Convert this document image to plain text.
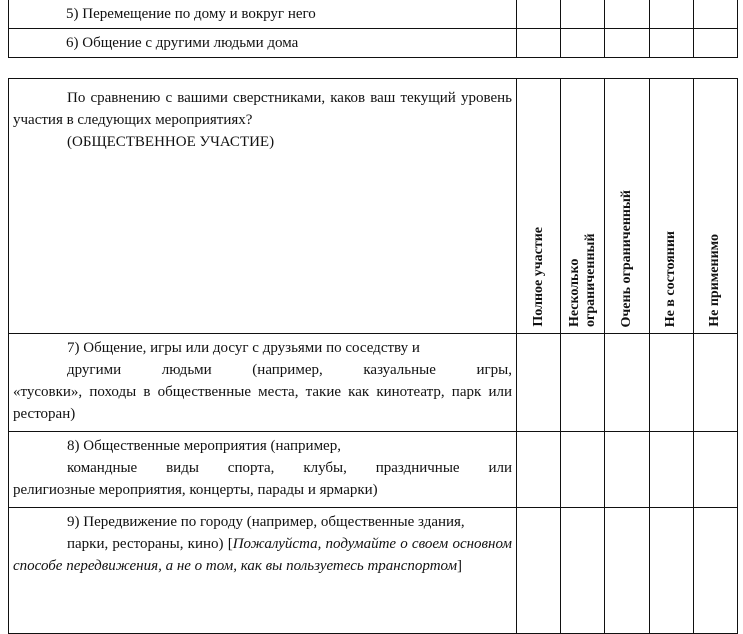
5) Перемещение по дому и вокруг него					
6) Общение с другими людьми дома					
По сравнению с вашими сверстниками, каков ваш текущий уровень участия в следующих мероприятиях?
(ОБЩЕСТВЕННОЕ УЧАСТИЕ)	Полное участие	Несколько ограниченный	Очень ограниченный	Не в состоянии	Не применимо

7) Общение, игры или досуг с друзьями по соседству и
другими людьми (например, казуальные игры,
«тусовки», походы в общественные места, такие как кинотеатр, парк или ресторан)					

8) Общественные мероприятия (например,
командные виды спорта, клубы, праздничные или
религиозные мероприятия, концерты, парады и ярмарки)					

9) Передвижение по городу (например, общественные здания,
парки, рестораны, кино) [Пожалуйста, подумайте о своем основном способе передвижения, а не о том, как вы пользуетесь транспортом]					
